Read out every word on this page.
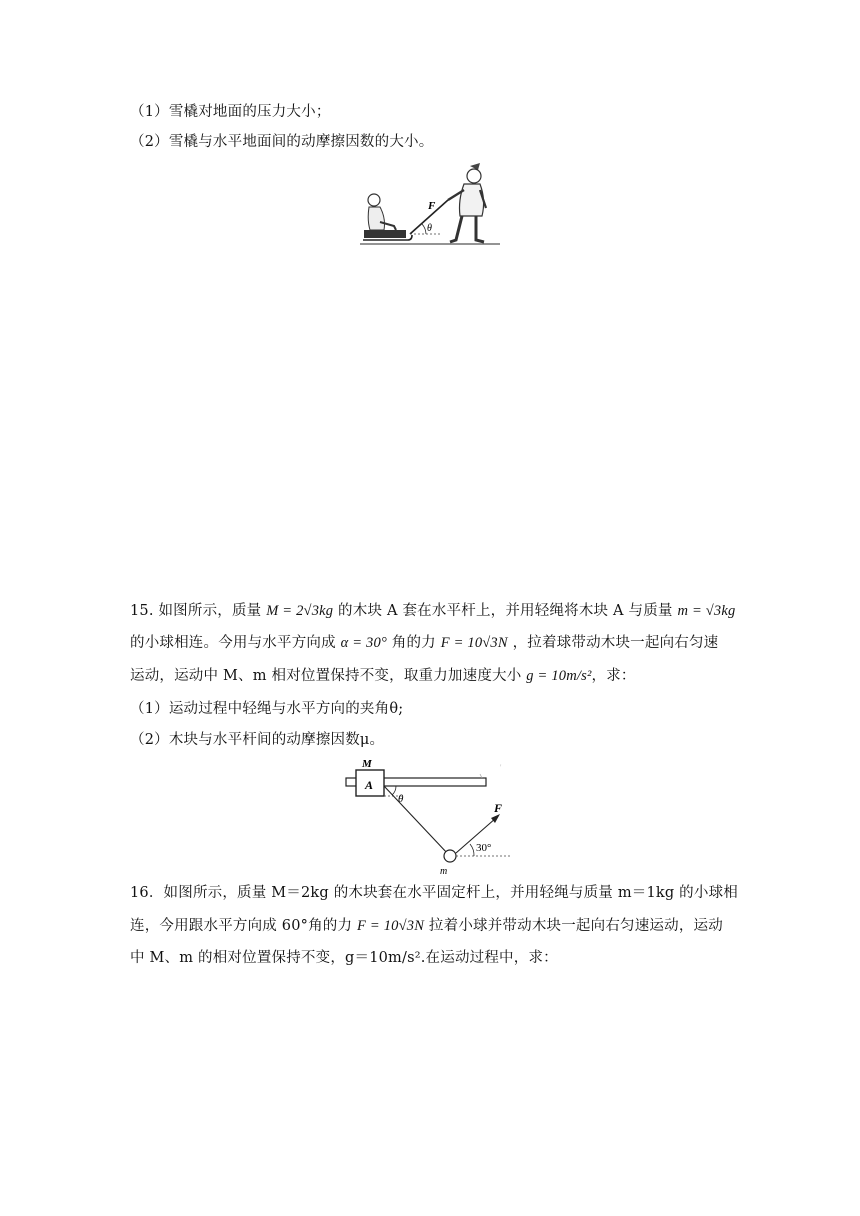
（1）雪橇对地面的压力大小；
（2）雪橇与水平地面间的动摩擦因数的大小。
θ
F
15. 如图所示，质量 M = 2√3kg 的木块 A 套在水平杆上，并用轻绳将木块 A 与质量 m = √3kg
的小球相连。今用与水平方向成 α = 30° 角的力 F = 10√3N ，拉着球带动木块一起向右匀速
运动，运动中 M、m 相对位置保持不变，取重力加速度大小 g = 10m/s²，求：
（1）运动过程中轻绳与水平方向的夹角θ;
（2）木块与水平杆间的动摩擦因数μ。
A
M
θ
m
F
30°
'
16．如图所示，质量 M＝2kg 的木块套在水平固定杆上，并用轻绳与质量 m＝1kg 的小球相
连，今用跟水平方向成 60°角的力 F = 10√3N 拉着小球并带动木块一起向右匀速运动，运动
中 M、m 的相对位置保持不变，g＝10m/s².在运动过程中，求：
